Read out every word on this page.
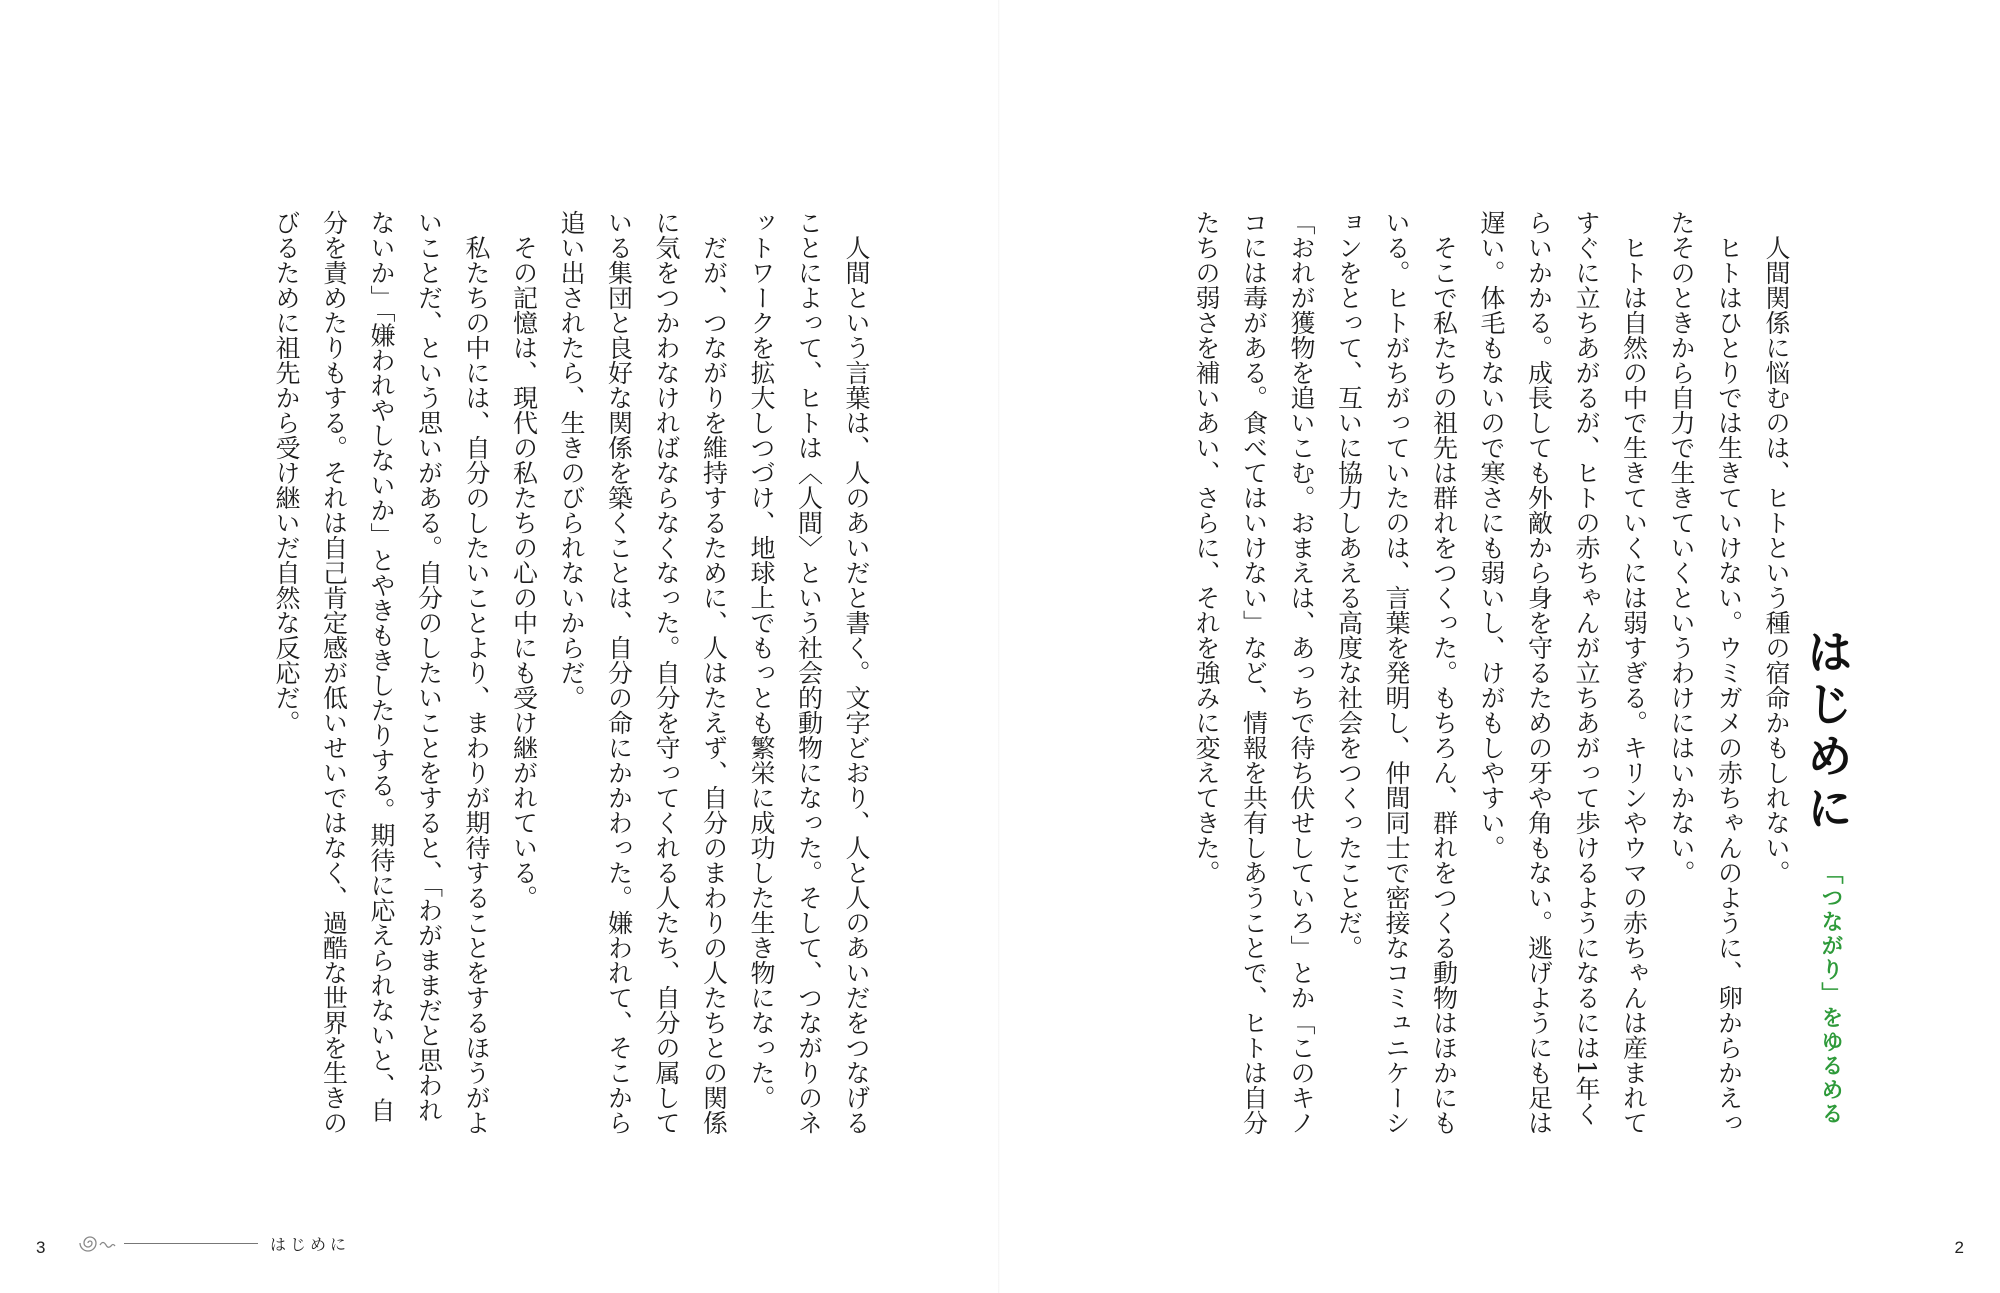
　人間という言葉は、人のあいだと書く。文字どおり、人と人のあいだをつなげる
ことによって、ヒトは〈人間〉という社会的動物になった。そして、つながりのネ
ットワークを拡大しつづけ、地球上でもっとも繁栄に成功した生き物になった。

　だが、つながりを維持するために、人はたえず、自分のまわりの人たちとの関係
に気をつかわなければならなくなった。自分を守ってくれる人たち、自分の属して
いる集団と良好な関係を築くことは、自分の命にかかわった。嫌われて、そこから
追い出されたら、生きのびられないからだ。

　その記憶は、現代の私たちの心の中にも受け継がれている。

　私たちの中には、自分のしたいことより、まわりが期待することをするほうがよ
いことだ、という思いがある。自分のしたいことをすると、「わがままだと思われ
ないか」「嫌われやしないか」とやきもきしたりする。期待に応えられないと、自
分を責めたりもする。それは自己肯定感が低いせいではなく、過酷な世界を生きの
びるために祖先から受け継いだ自然な反応だ。

3	はじめに
はじめに
「つながり」をゆるめる

　人間関係に悩むのは、ヒトという種の宿命かもしれない。

　ヒトはひとりでは生きていけない。ウミガメの赤ちゃんのように、卵からかえっ
たそのときから自力で生きていくというわけにはいかない。

　ヒトは自然の中で生きていくには弱すぎる。キリンやウマの赤ちゃんは産まれて
すぐに立ちあがるが、ヒトの赤ちゃんが立ちあがって歩けるようになるには1年く
らいかかる。成長しても外敵から身を守るための牙や角もない。逃げようにも足は
遅い。体毛もないので寒さにも弱いし、けがもしやすい。

　そこで私たちの祖先は群れをつくった。もちろん、群れをつくる動物はほかにも
いる。ヒトがちがっていたのは、言葉を発明し、仲間同士で密接なコミュニケーシ
ョンをとって、互いに協力しあえる高度な社会をつくったことだ。

「おれが獲物を追いこむ。おまえは、あっちで待ち伏せしていろ」とか「このキノ
コには毒がある。食べてはいけない」など、情報を共有しあうことで、ヒトは自分
たちの弱さを補いあい、さらに、それを強みに変えてきた。

2
